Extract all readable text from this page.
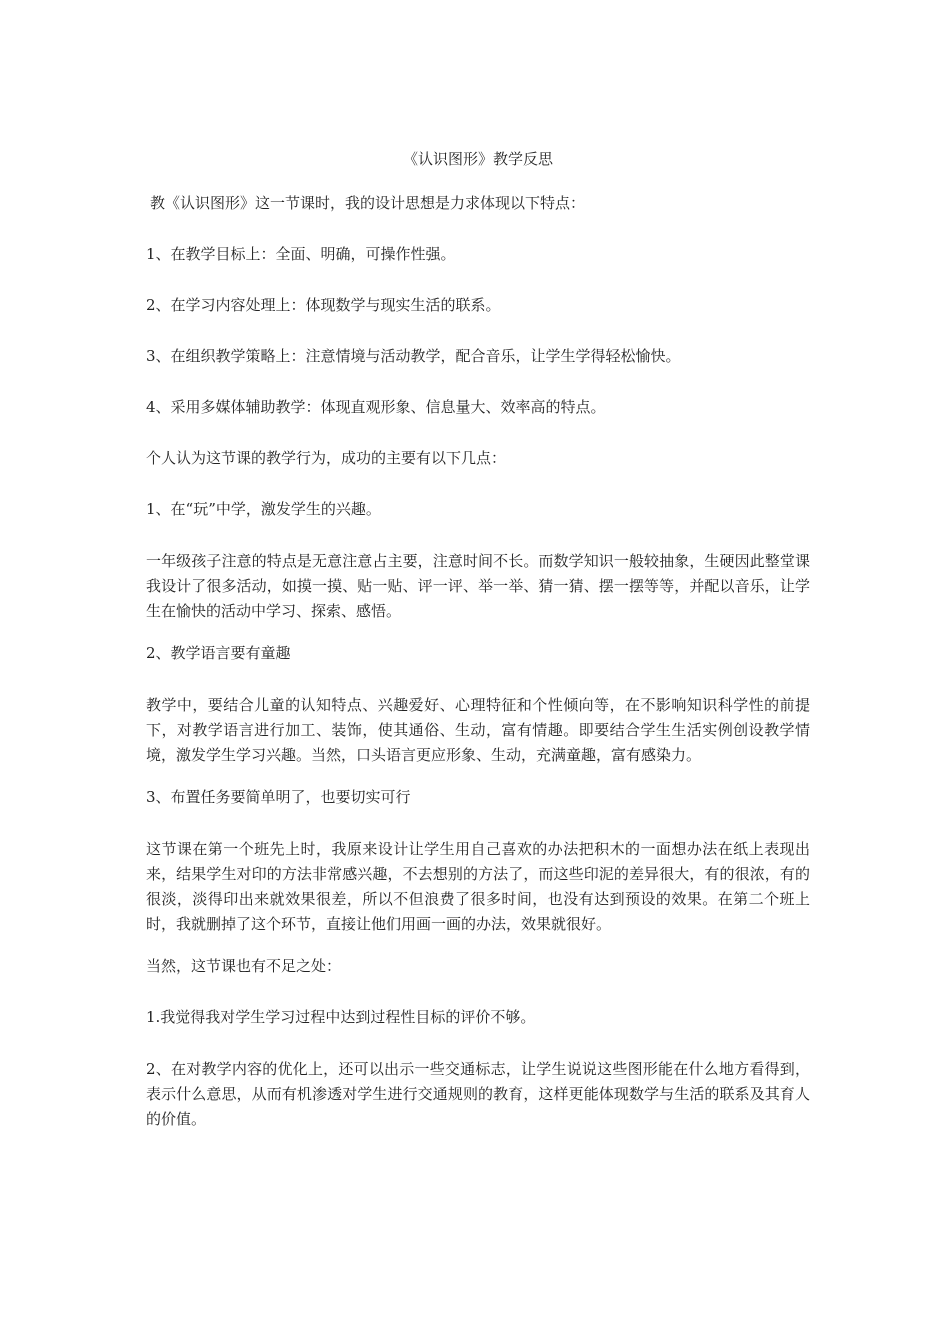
《认识图形》教学反思
教《认识图形》这一节课时，我的设计思想是力求体现以下特点：
1、在教学目标上：全面、明确，可操作性强。
2、在学习内容处理上：体现数学与现实生活的联系。
3、在组织教学策略上：注意情境与活动教学，配合音乐，让学生学得轻松愉快。
4、采用多媒体辅助教学：体现直观形象、信息量大、效率高的特点。
个人认为这节课的教学行为，成功的主要有以下几点：
1、在“玩”中学，激发学生的兴趣。
一年级孩子注意的特点是无意注意占主要，注意时间不长。而数学知识一般较抽象，生硬因此整堂课我设计了很多活动，如摸一摸、贴一贴、评一评、举一举、猜一猜、摆一摆等等，并配以音乐，让学生在愉快的活动中学习、探索、感悟。
2、教学语言要有童趣
教学中，要结合儿童的认知特点、兴趣爱好、心理特征和个性倾向等，在不影响知识科学性的前提下，对教学语言进行加工、装饰，使其通俗、生动，富有情趣。即要结合学生生活实例创设教学情境，激发学生学习兴趣。当然，口头语言更应形象、生动，充满童趣，富有感染力。
3、布置任务要简单明了，也要切实可行
这节课在第一个班先上时，我原来设计让学生用自己喜欢的办法把积木的一面想办法在纸上表现出来，结果学生对印的方法非常感兴趣，不去想别的方法了，而这些印泥的差异很大，有的很浓，有的很淡，淡得印出来就效果很差，所以不但浪费了很多时间，也没有达到预设的效果。在第二个班上时，我就删掉了这个环节，直接让他们用画一画的办法，效果就很好。
当然，这节课也有不足之处：
1.我觉得我对学生学习过程中达到过程性目标的评价不够。
2、在对教学内容的优化上，还可以出示一些交通标志，让学生说说这些图形能在什么地方看得到，表示什么意思，从而有机渗透对学生进行交通规则的教育，这样更能体现数学与生活的联系及其育人的价值。
